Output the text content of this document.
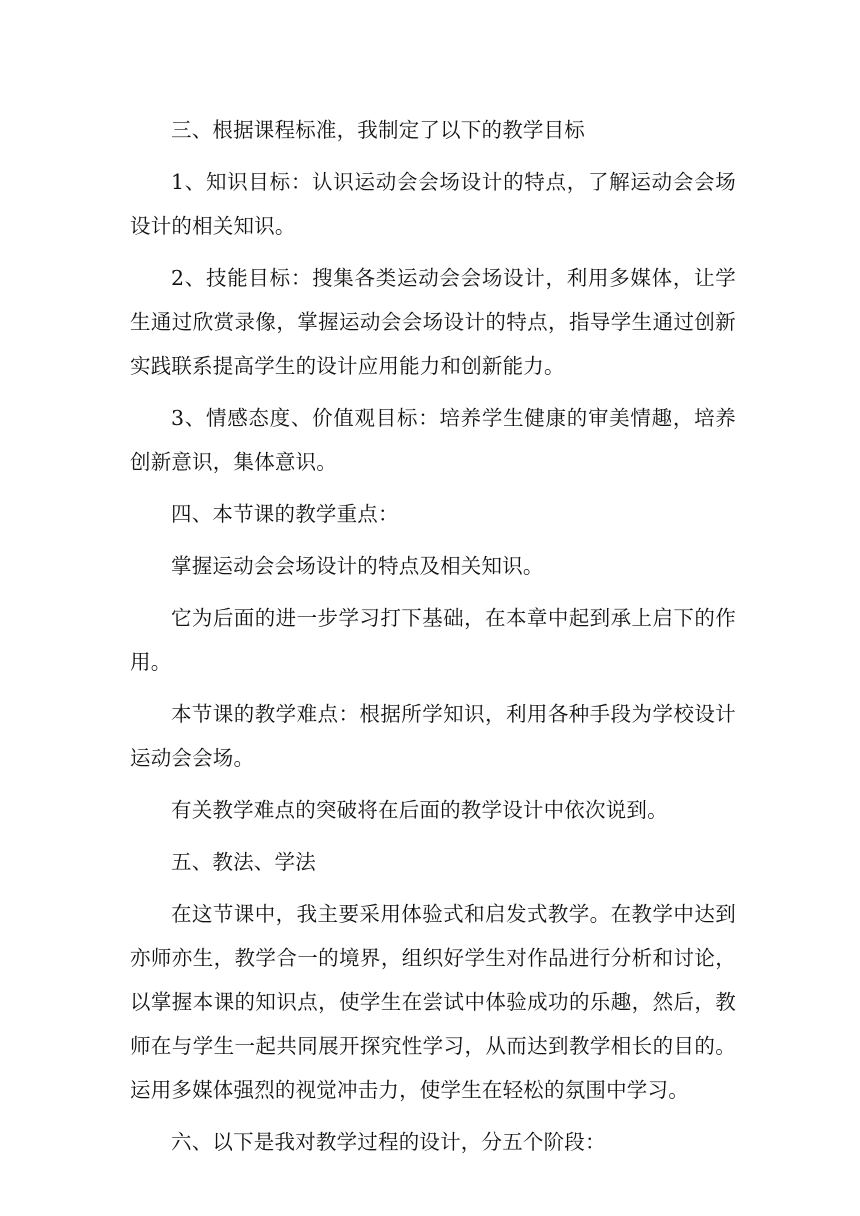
三、根据课程标准，我制定了以下的教学目标

1、知识目标：认识运动会会场设计的特点，了解运动会会场设计的相关知识。

2、技能目标：搜集各类运动会会场设计，利用多媒体，让学生通过欣赏录像，掌握运动会会场设计的特点，指导学生通过创新实践联系提高学生的设计应用能力和创新能力。

3、情感态度、价值观目标：培养学生健康的审美情趣，培养创新意识，集体意识。

四、本节课的教学重点：

掌握运动会会场设计的特点及相关知识。

它为后面的进一步学习打下基础，在本章中起到承上启下的作用。

本节课的教学难点：根据所学知识，利用各种手段为学校设计运动会会场。

有关教学难点的突破将在后面的教学设计中依次说到。

五、教法、学法

在这节课中，我主要采用体验式和启发式教学。在教学中达到亦师亦生，教学合一的境界，组织好学生对作品进行分析和讨论，以掌握本课的知识点，使学生在尝试中体验成功的乐趣，然后，教师在与学生一起共同展开探究性学习，从而达到教学相长的目的。运用多媒体强烈的视觉冲击力，使学生在轻松的氛围中学习。

六、以下是我对教学过程的设计，分五个阶段：
